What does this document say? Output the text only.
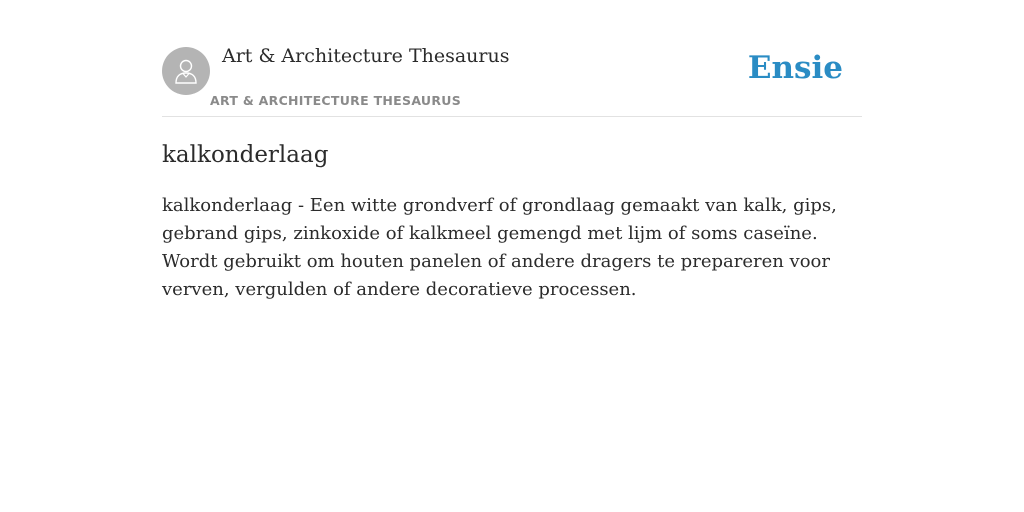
Art & Architecture Thesaurus
ART & ARCHITECTURE THESAURUS
Ensie
kalkonderlaag

kalkonderlaag - Een witte grondverf of grondlaag gemaakt van kalk, gips, gebrand gips, zinkoxide of kalkmeel gemengd met lijm of soms caseïne. Wordt gebruikt om houten panelen of andere dragers te prepareren voor verven, vergulden of andere decoratieve processen.
